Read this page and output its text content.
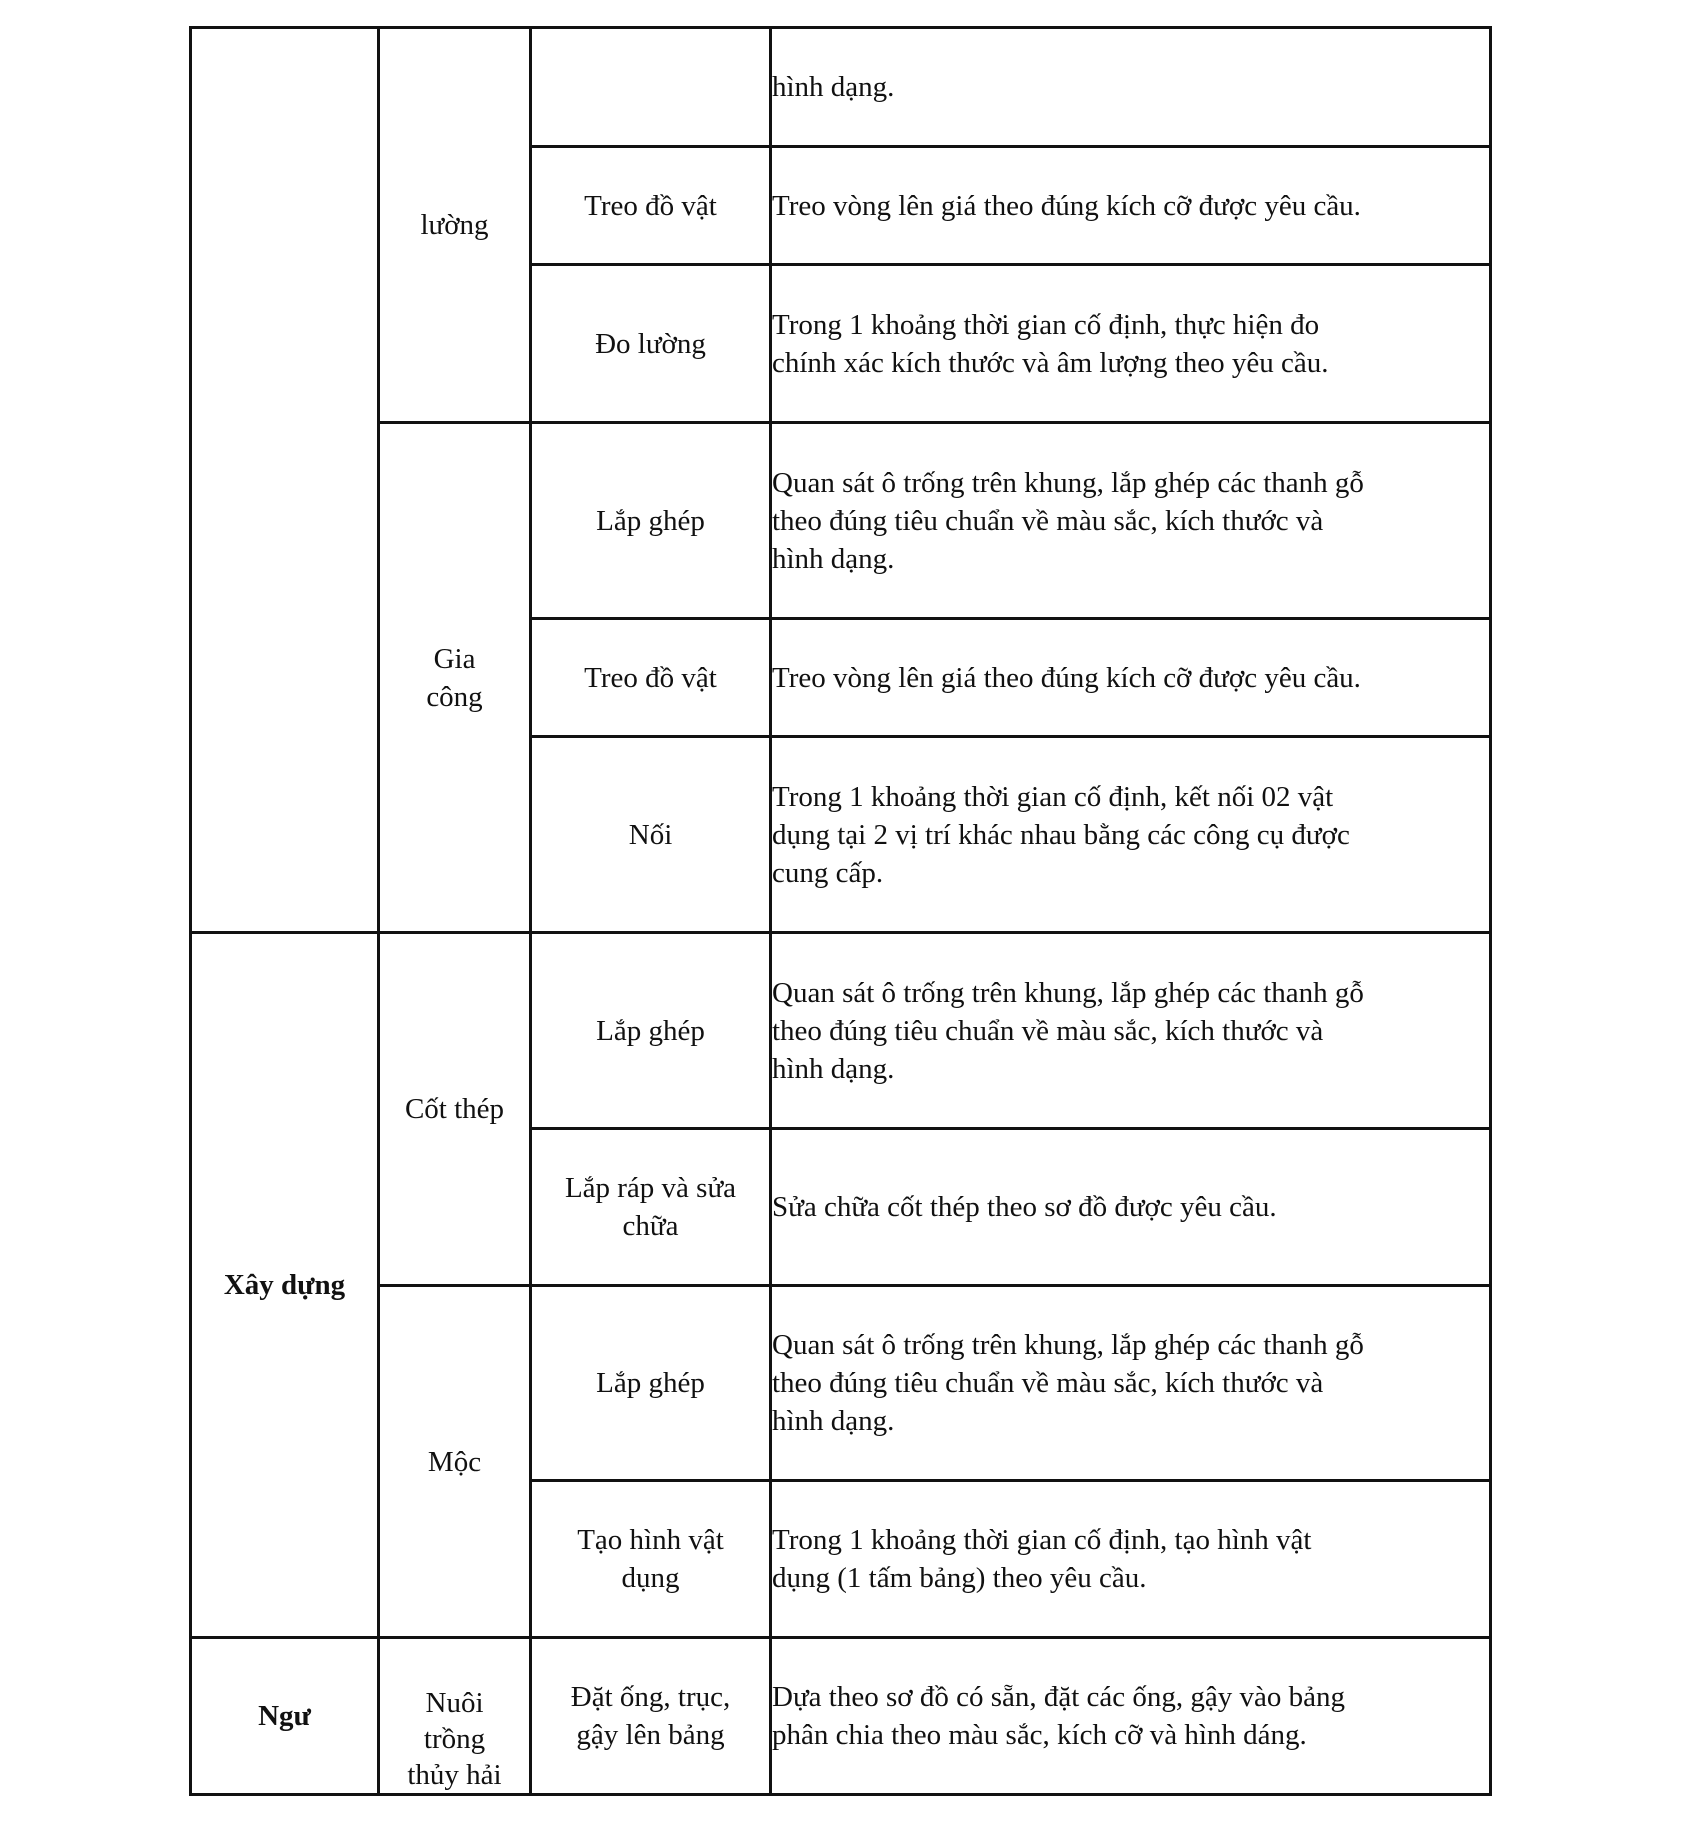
	lường		hình dạng.
		Treo đồ vật	Treo vòng lên giá theo đúng kích cỡ được yêu cầu.
		Đo lường	Trong 1 khoảng thời gian cố định, thực hiện đo
chính xác kích thước và âm lượng theo yêu cầu.

	Gia
công	Lắp ghép	Quan sát ô trống trên khung, lắp ghép các thanh gỗ
theo đúng tiêu chuẩn về màu sắc, kích thước và
hình dạng.

		Treo đồ vật	Treo vòng lên giá theo đúng kích cỡ được yêu cầu.
		Nối	Trong 1 khoảng thời gian cố định, kết nối 02 vật
dụng tại 2 vị trí khác nhau bằng các công cụ được
cung cấp.

Xây dựng	Cốt thép	Lắp ghép	Quan sát ô trống trên khung, lắp ghép các thanh gỗ
theo đúng tiêu chuẩn về màu sắc, kích thước và
hình dạng.

		Lắp ráp và sửa
chữa	Sửa chữa cốt thép theo sơ đồ được yêu cầu.
	Mộc	Lắp ghép	Quan sát ô trống trên khung, lắp ghép các thanh gỗ
theo đúng tiêu chuẩn về màu sắc, kích thước và
hình dạng.

		Tạo hình vật
dụng	Trong 1 khoảng thời gian cố định, tạo hình vật
dụng (1 tấm bảng) theo yêu cầu.

Ngư	Nuôi
trồng
thủy hải	Đặt ống, trục,
gậy lên bảng	Dựa theo sơ đồ có sẵn, đặt các ống, gậy vào bảng
phân chia theo màu sắc, kích cỡ và hình dáng.
